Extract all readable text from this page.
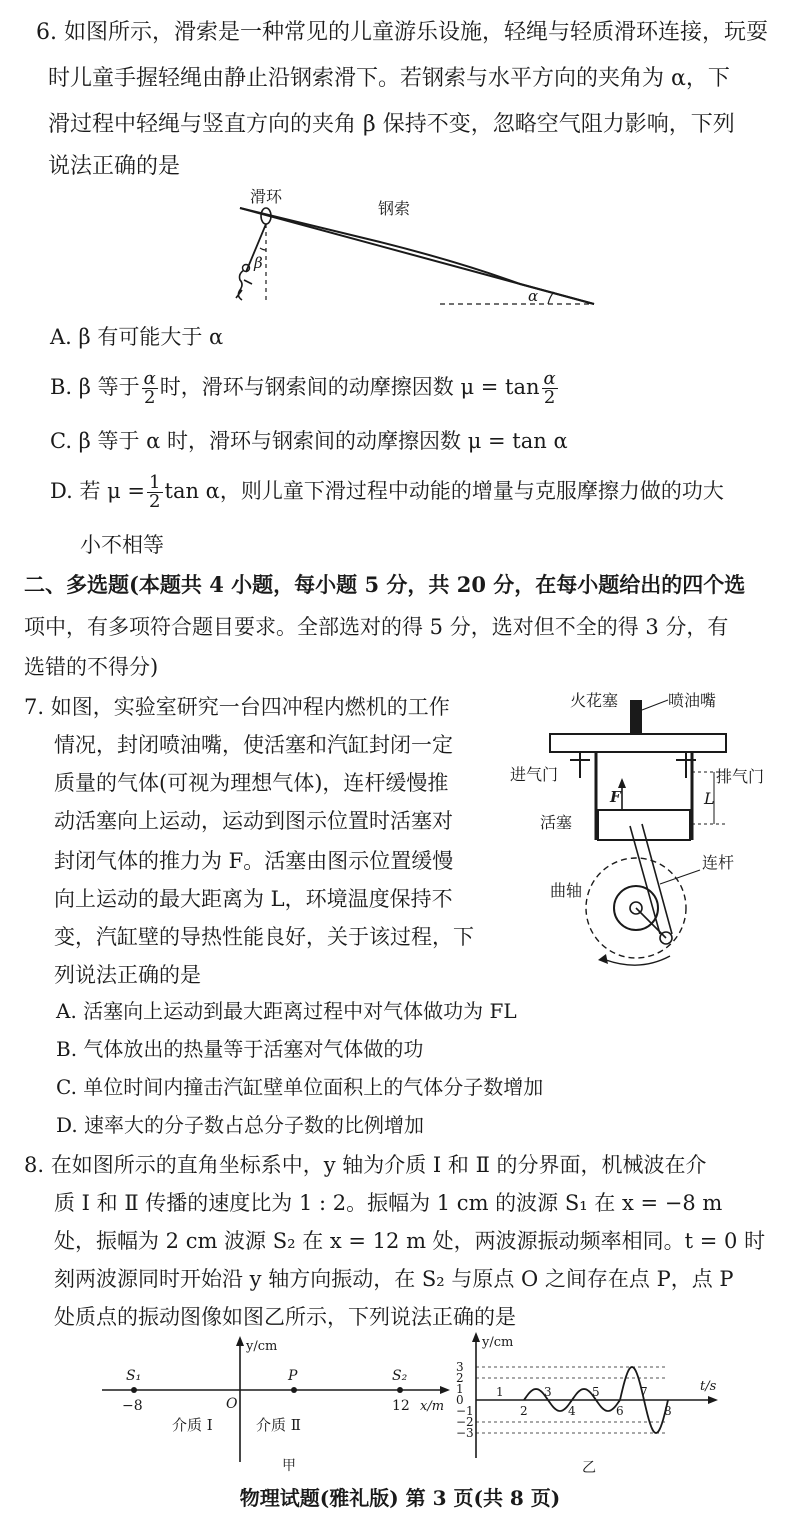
6. 如图所示，滑索是一种常见的儿童游乐设施，轻绳与轻质滑环连接，玩耍
时儿童手握轻绳由静止沿钢索滑下。若钢索与水平方向的夹角为 α，下
滑过程中轻绳与竖直方向的夹角 β 保持不变，忽略空气阻力影响，下列
说法正确的是
α
β
滑环
钢索
A. β 有可能大于 α
B. β 等于 $\frac{\alpha}{2}$ 时，滑环与钢索间的动摩擦因数 $\mu = \tan \frac{\alpha}{2}$
C. β 等于 α 时，滑环与钢索间的动摩擦因数 μ = tan α
D. 若 $\mu = \frac{1}{2}$ tan α，则儿童下滑过程中动能的增量与克服摩擦力做的功大
小不相等
二、多选题(本题共 4 小题，每小题 5 分，共 20 分，在每小题给出的四个选
项中，有多项符合题目要求。全部选对的得 5 分，选对但不全的得 3 分，有
选错的不得分)
7. 如图，实验室研究一台四冲程内燃机的工作
情况，封闭喷油嘴，使活塞和汽缸封闭一定
质量的气体(可视为理想气体)，连杆缓慢推
动活塞向上运动，运动到图示位置时活塞对
封闭气体的推力为 F。活塞由图示位置缓慢
向上运动的最大距离为 L，环境温度保持不
变，汽缸壁的导热性能良好，关于该过程，下
列说法正确的是
火花塞	喷油嘴
进气门	排气门
L
F
活塞
连杆
曲轴
A. 活塞向上运动到最大距离过程中对气体做功为 FL
B. 气体放出的热量等于活塞对气体做的功
C. 单位时间内撞击汽缸壁单位面积上的气体分子数增加
D. 速率大的分子数占总分子数的比例增加
8. 在如图所示的直角坐标系中，y 轴为介质 Ⅰ 和 Ⅱ 的分界面，机械波在介
质 Ⅰ 和 Ⅱ 传播的速度比为 1 : 2。振幅为 1 cm 的波源 S₁ 在 x = −8 m
处，振幅为 2 cm 波源 S₂ 在 x = 12 m 处，两波源振动频率相同。t = 0 时
刻两波源同时开始沿 y 轴方向振动，在 S₂ 与原点 O 之间存在点 P，点 P
处质点的振动图像如图乙所示，下列说法正确的是
y/cm
x/m
S₁
−8	O
P	S₂
12
介质 Ⅰ	介质 Ⅱ
甲
y/cm
t/s
3
2
1
0
−1
−2
−3
1
2
3
4
5
6
7
8
乙
物理试题(雅礼版) 第 3 页(共 8 页)
